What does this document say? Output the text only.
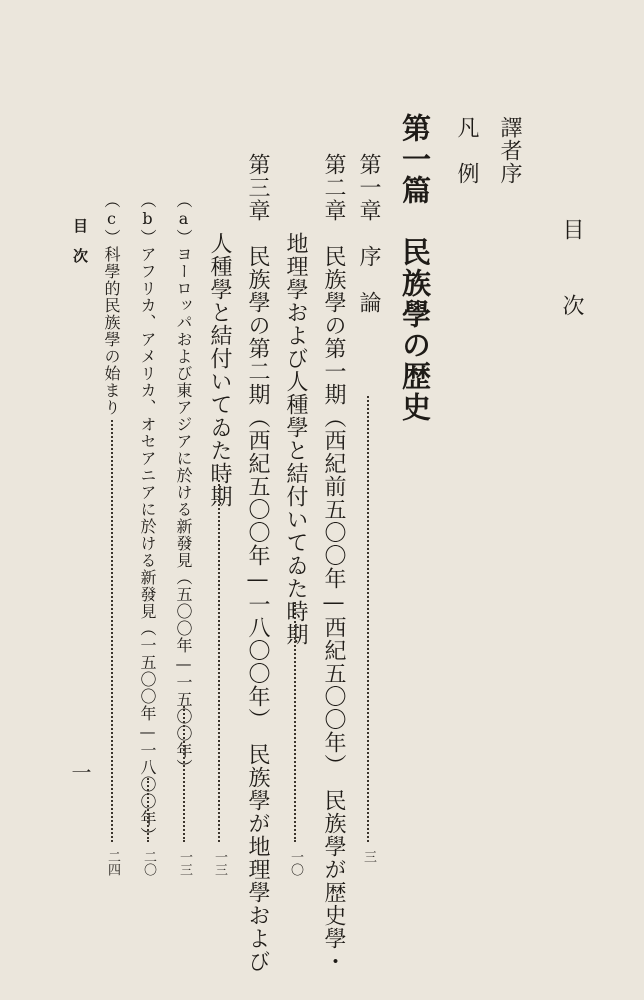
目　次
譯者序
凡　例
第一篇　民族學の歴史
第一章　序　論
三
第二章　民族學の第一期（西紀前五〇〇年—西紀五〇〇年）　民族學が歴史學・
地理學および人種學と結付いてゐた時期
一〇
第三章　民族學の第二期（西紀五〇〇年—一八〇〇年）　民族學が地理學および
人種學と結付いてゐた時期
一三
（a）ヨーロッパおよび東アジアに於ける新發見（五〇〇年—一五〇〇年）
一三
（b）アフリカ、アメリカ、オセアニアに於ける新發見（一五〇〇年—一八〇〇年）
二〇
（c）科學的民族學の始まり
二四
目　次
一
